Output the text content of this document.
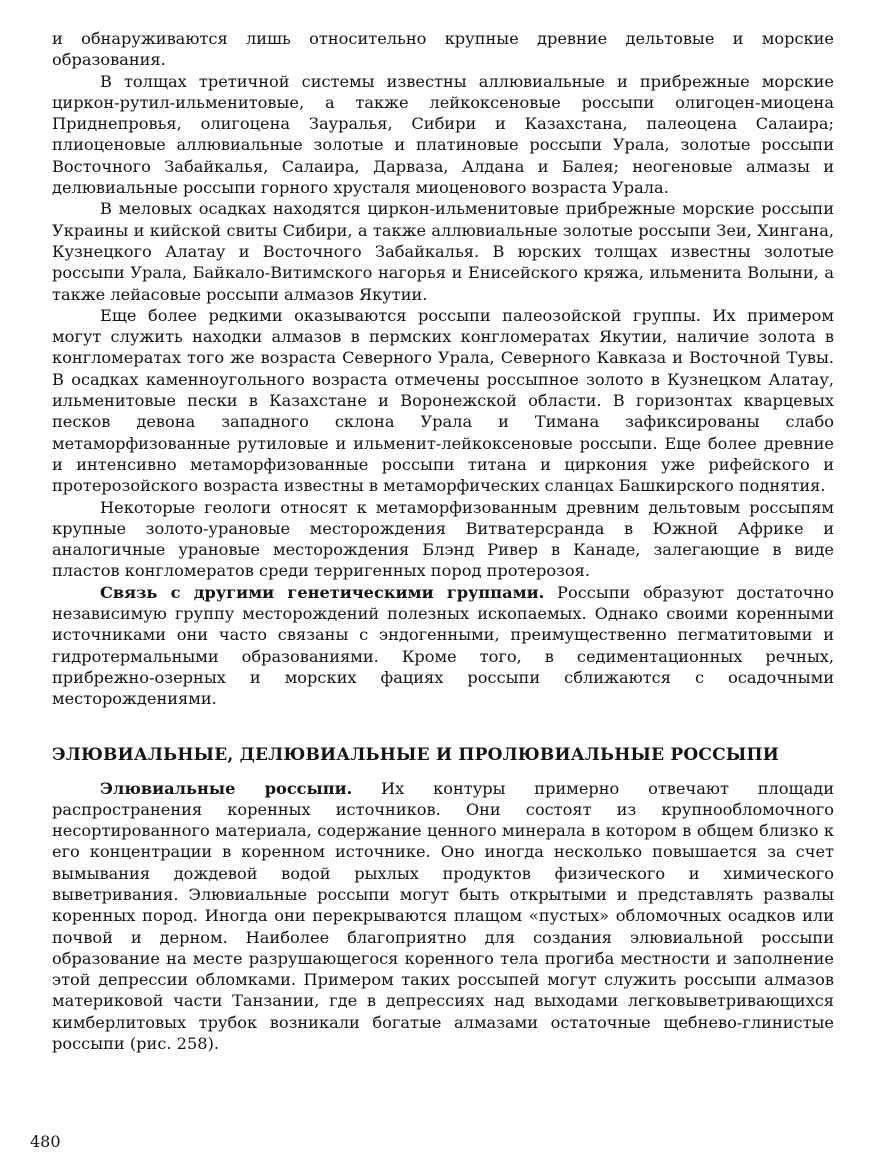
и обнаруживаются лишь относительно крупные древние дельтовые и морские образования.

В толщах третичной системы известны аллювиальные и прибрежные морские циркон-рутил-ильменитовые, а также лейкоксеновые россыпи олигоцен-миоцена Приднепровья, олигоцена Зауралья, Сибири и Казахстана, палеоцена Салаира; плиоценовые аллювиальные золотые и платиновые россыпи Урала, золотые россыпи Восточного Забайкалья, Салаира, Дарваза, Алдана и Балея; неогеновые алмазы и делювиальные россыпи горного хрусталя миоценового возраста Урала.

В меловых осадках находятся циркон-ильменитовые прибрежные морские россыпи Украины и кийской свиты Сибири, а также аллювиальные золотые россыпи Зеи, Хингана, Кузнецкого Алатау и Восточного Забайкалья. В юрских толщах известны золотые россыпи Урала, Байкало-Витимского нагорья и Енисейского кряжа, ильменита Волыни, а также лейасовые россыпи алмазов Якутии.

Еще более редкими оказываются россыпи палеозойской группы. Их примером могут служить находки алмазов в пермских конгломератах Якутии, наличие золота в конгломератах того же возраста Северного Урала, Северного Кавказа и Восточной Тувы. В осадках каменноугольного возраста отмечены россыпное золото в Кузнецком Алатау, ильменитовые пески в Казахстане и Воронежской области. В горизонтах кварцевых песков девона западного склона Урала и Тимана зафиксированы слабо метаморфизованные рутиловые и ильменит-лейкоксеновые россыпи. Еще более древние и интенсивно метаморфизованные россыпи титана и циркония уже рифейского и протерозойского возраста известны в метаморфических сланцах Башкирского поднятия.

Некоторые геологи относят к метаморфизованным древним дельтовым россыпям крупные золото-урановые месторождения Витватерсранда в Южной Африке и аналогичные урановые месторождения Блэнд Ривер в Канаде, залегающие в виде пластов конгломератов среди терригенных пород протерозоя.

Связь с другими генетическими группами. Россыпи образуют достаточно независимую группу месторождений полезных ископаемых. Однако своими коренными источниками они часто связаны с эндогенными, преимущественно пегматитовыми и гидротермальными образованиями. Кроме того, в седиментационных речных, прибрежно-озерных и морских фациях россыпи сближаются с осадочными месторождениями.

ЭЛЮВИАЛЬНЫЕ, ДЕЛЮВИАЛЬНЫЕ И ПРОЛЮВИАЛЬНЫЕ РОССЫПИ

Элювиальные россыпи. Их контуры примерно отвечают площади распространения коренных источников. Они состоят из крупнообломочного несортированного материала, содержание ценного минерала в котором в общем близко к его концентрации в коренном источнике. Оно иногда несколько повышается за счет вымывания дождевой водой рыхлых продуктов физического и химического выветривания. Элювиальные россыпи могут быть открытыми и представлять развалы коренных пород. Иногда они перекрываются плащом «пустых» обломочных осадков или почвой и дерном. Наиболее благоприятно для создания элювиальной россыпи образование на месте разрушающегося коренного тела прогиба местности и заполнение этой депрессии обломками. Примером таких россыпей могут служить россыпи алмазов материковой части Танзании, где в депрессиях над выходами легковыветривающихся кимберлитовых трубок возникали богатые алмазами остаточные щебнево-глинистые россыпи (рис. 258).

480
